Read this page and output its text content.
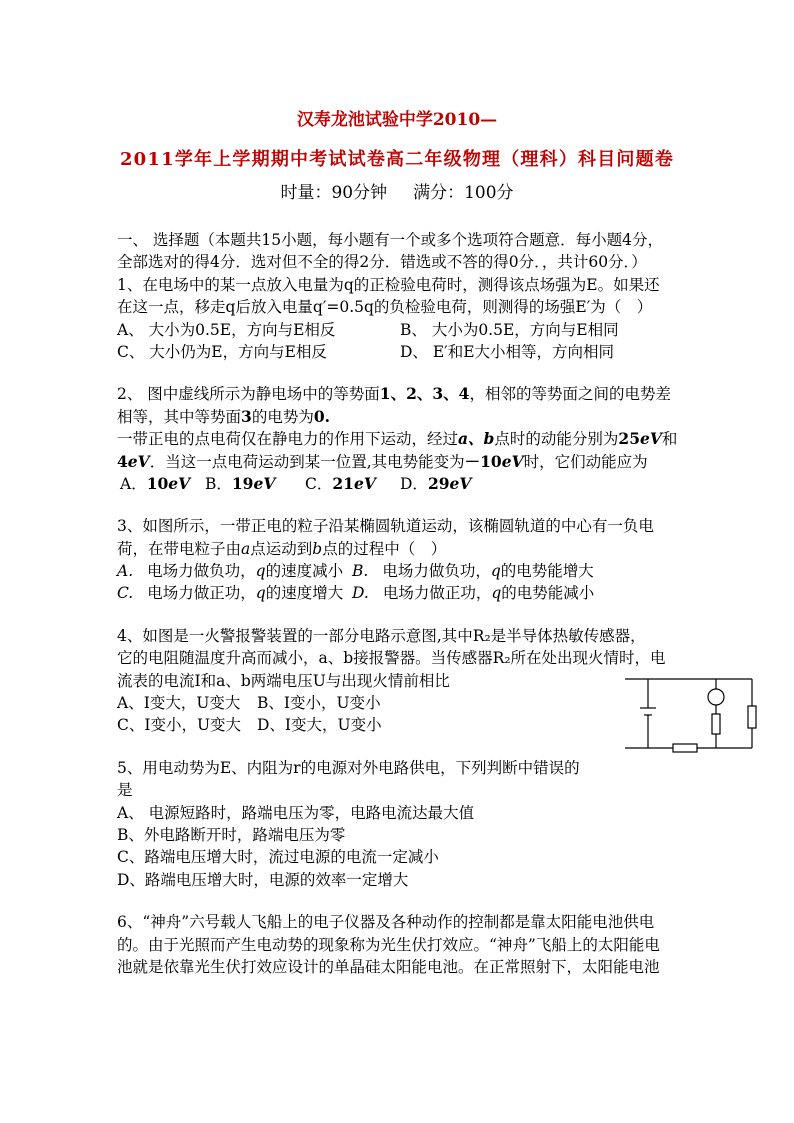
汉寿龙池试验中学2010—
2011学年上学期期中考试试卷高二年级物理（理科）科目问题卷
时量：90分钟 满分：100分
一、 选择题（本题共15小题，每小题有一个或多个选项符合题意．每小题4分，
全部选对的得4分．选对但不全的得2分．错选或不答的得0分．，共计60分．）
1、在电场中的某一点放入电量为q的正检验电荷时，测得该点场强为E。如果还
在这一点，移走q后放入电量q′=0.5q的负检验电荷，则测得的场强E′为（　）
A、 大小为0.5E，方向与E相反	B、 大小为0.5E，方向与E相同
C、 大小仍为E，方向与E相反	D、 E′和E大小相等，方向相同
2、 图中虚线所示为静电场中的等势面1、2、3、4，相邻的等势面之间的电势差
相等，其中等势面3的电势为0.
一带正电的点电荷仅在静电力的作用下运动，经过a、b点时的动能分别为25eV和
4eV．当这一点电荷运动到某一位置,其电势能变为－10eV时，它们动能应为
A．10eV B．19eV C．21eV D．29eV
3、如图所示，一带正电的粒子沿某椭圆轨道运动，该椭圆轨道的中心有一负电
荷，在带电粒子由a点运动到b点的过程中（　）
A. 电场力做负功，q的速度减小 B. 电场力做负功，q的电势能增大
C. 电场力做正功，q的速度增大 D. 电场力做正功，q的电势能减小
4、如图是一火警报警装置的一部分电路示意图,其中R₂是半导体热敏传感器，
它的电阻随温度升高而减小，a、b接报警器。当传感器R₂所在处出现火情时，电
流表的电流I和a、b两端电压U与出现火情前相比
A、I变大，U变大 B、I变小，U变小
C、I变小，U变大 D、I变大，U变小
5、用电动势为E、内阻为r的电源对外电路供电，下列判断中错误的
是
A、 电源短路时，路端电压为零，电路电流达最大值
B、外电路断开时，路端电压为零
C、路端电压增大时，流过电源的电流一定减小
D、路端电压增大时，电源的效率一定增大
6、“神舟”六号载人飞船上的电子仪器及各种动作的控制都是靠太阳能电池供电
的。由于光照而产生电动势的现象称为光生伏打效应。“神舟”飞船上的太阳能电
池就是依靠光生伏打效应设计的单晶硅太阳能电池。在正常照射下，太阳能电池
